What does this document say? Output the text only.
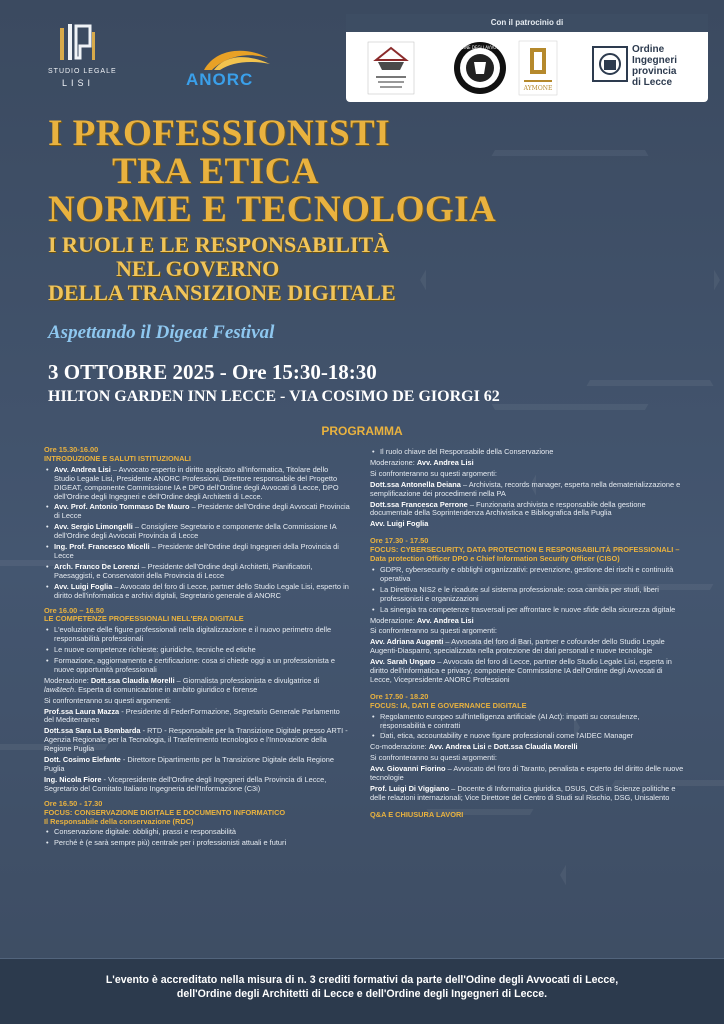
STUDIO LEGALE
LISI	ANORC
Con il patrocinio di
ORDINE DEGLI AVVOCATI
AYMONE
Ordine
Ingegneri
provincia
di Lecce
I PROFESSIONISTI
TRA ETICA
NORME E TECNOLOGIA
I RUOLI E LE RESPONSABILITÀ
NEL GOVERNO
DELLA TRANSIZIONE DIGITALE
Aspettando il Digeat Festival
3 OTTOBRE 2025 - Ore 15:30-18:30
HILTON GARDEN INN LECCE - VIA COSIMO DE GIORGI 62
PROGRAMMA
Ore 15.30-16.00
INTRODUZIONE E SALUTI ISTITUZIONALI
• Avv. Andrea Lisi – Avvocato esperto in diritto applicato all'informatica, Titolare dello Studio Legale Lisi, Presidente ANORC Professioni, Direttore responsabile del Progetto DIGEAT, componente Commissione IA e DPO dell'Ordine degli Avvocati di Lecce, DPO dell'Ordine degli Ingegneri e dell'Ordine degli Architetti di Lecce.
• Avv. Prof. Antonio Tommaso De Mauro – Presidente dell'Ordine degli Avvocati Provincia di Lecce
• Avv. Sergio Limongelli – Consigliere Segretario e componente della Commissione IA dell'Ordine degli Avvocati Provincia di Lecce
• Ing. Prof. Francesco Micelli – Presidente dell'Ordine degli Ingegneri della Provincia di Lecce
• Arch. Franco De Lorenzi – Presidente dell'Ordine degli Architetti, Pianificatori, Paesaggisti, e Conservatori della Provincia di Lecce
• Avv. Luigi Foglia – Avvocato del foro di Lecce, partner dello Studio Legale Lisi, esperto in diritto dell'informatica e archivi digitali, Segretario generale di ANORC
Ore 16.00 – 16.50
LE COMPETENZE PROFESSIONALI NELL'ERA DIGITALE
• L'evoluzione delle figure professionali nella digitalizzazione e il nuovo perimetro delle responsabilità professionali
• Le nuove competenze richieste: giuridiche, tecniche ed etiche
• Formazione, aggiornamento e certificazione: cosa si chiede oggi a un professionista e nuove opportunità professionali
Moderazione: Dott.ssa Claudia Morelli – Giornalista professionista e divulgatrice di law&tech. Esperta di comunicazione in ambito giuridico e forense
Si confronteranno su questi argomenti:
Prof.ssa Laura Mazza - Presidente di FederFormazione, Segretario Generale Parlamento del Mediterraneo
Dott.ssa Sara La Bombarda - RTD - Responsabile per la Transizione Digitale presso ARTI - Agenzia Regionale per la Tecnologia, il Trasferimento tecnologico e l'Innovazione della Regione Puglia
Dott. Cosimo Elefante - Direttore Dipartimento per la Transizione Digitale della Regione Puglia
Ing. Nicola Fiore - Vicepresidente dell'Ordine degli Ingegneri della Provincia di Lecce, Segretario del Comitato Italiano Ingegneria dell'Informazione (C3i)
Ore 16.50 - 17.30
FOCUS: CONSERVAZIONE DIGITALE E DOCUMENTO INFORMATICO
Il Responsabile della conservazione (RDC)
• Conservazione digitale: obblighi, prassi e responsabilità
• Perché è (e sarà sempre più) centrale per i professionisti attuali e futuri
• Il ruolo chiave del Responsabile della Conservazione
Moderazione: Avv. Andrea Lisi
Si confronteranno su questi argomenti:
Dott.ssa Antonella Deiana – Archivista, records manager, esperta nella dematerializzazione e semplificazione dei procedimenti nella PA
Dott.ssa Francesca Perrone – Funzionaria archivista e responsabile della gestione documentale della Soprintendenza Archivistica e Bibliografica della Puglia
Avv. Luigi Foglia
Ore 17.30 - 17.50
FOCUS: CYBERSECURITY, DATA PROTECTION E RESPONSABILITÀ PROFESSIONALI – Data protection Officer DPO e Chief Information Security Officer (CISO)
• GDPR, cybersecurity e obblighi organizzativi: prevenzione, gestione dei rischi e continuità operativa
• La Direttiva NIS2 e le ricadute sul sistema professionale: cosa cambia per studi, liberi professionisti e organizzazioni
• La sinergia tra competenze trasversali per affrontare le nuove sfide della sicurezza digitale
Moderazione: Avv. Andrea Lisi
Si confronteranno su questi argomenti:
Avv. Adriana Augenti – Avvocata del foro di Bari, partner e cofounder dello Studio Legale Augenti-Diasparro, specializzata nella protezione dei dati personali e nuove tecnologie
Avv. Sarah Ungaro – Avvocata del foro di Lecce, partner dello Studio Legale Lisi, esperta in diritto dell'informatica e privacy, componente Commissione IA dell'Ordine degli Avvocati di Lecce, Vicepresidente ANORC Professioni
Ore 17.50 - 18.20
FOCUS: IA, DATI E GOVERNANCE DIGITALE
• Regolamento europeo sull'intelligenza artificiale (AI Act): impatti su consulenze, responsabilità e contratti
• Dati, etica, accountability e nuove figure professionali come l'AIDEC Manager
Co-moderazione: Avv. Andrea Lisi e Dott.ssa Claudia Morelli
Si confronteranno su questi argomenti:
Avv. Giovanni Fiorino – Avvocato del foro di Taranto, penalista e esperto del diritto delle nuove tecnologie
Prof. Luigi Di Viggiano – Docente di Informatica giuridica, DSUS, CdS in Scienze politiche e delle relazioni internazionali; Vice Direttore del Centro di Studi sul Rischio, DSG, Unisalento
Q&A E CHIUSURA LAVORI
L'evento è accreditato nella misura di n. 3 crediti formativi da parte dell'Odine degli Avvocati di Lecce,
dell'Ordine degli Architetti di Lecce e dell'Ordine degli Ingegneri di Lecce.
